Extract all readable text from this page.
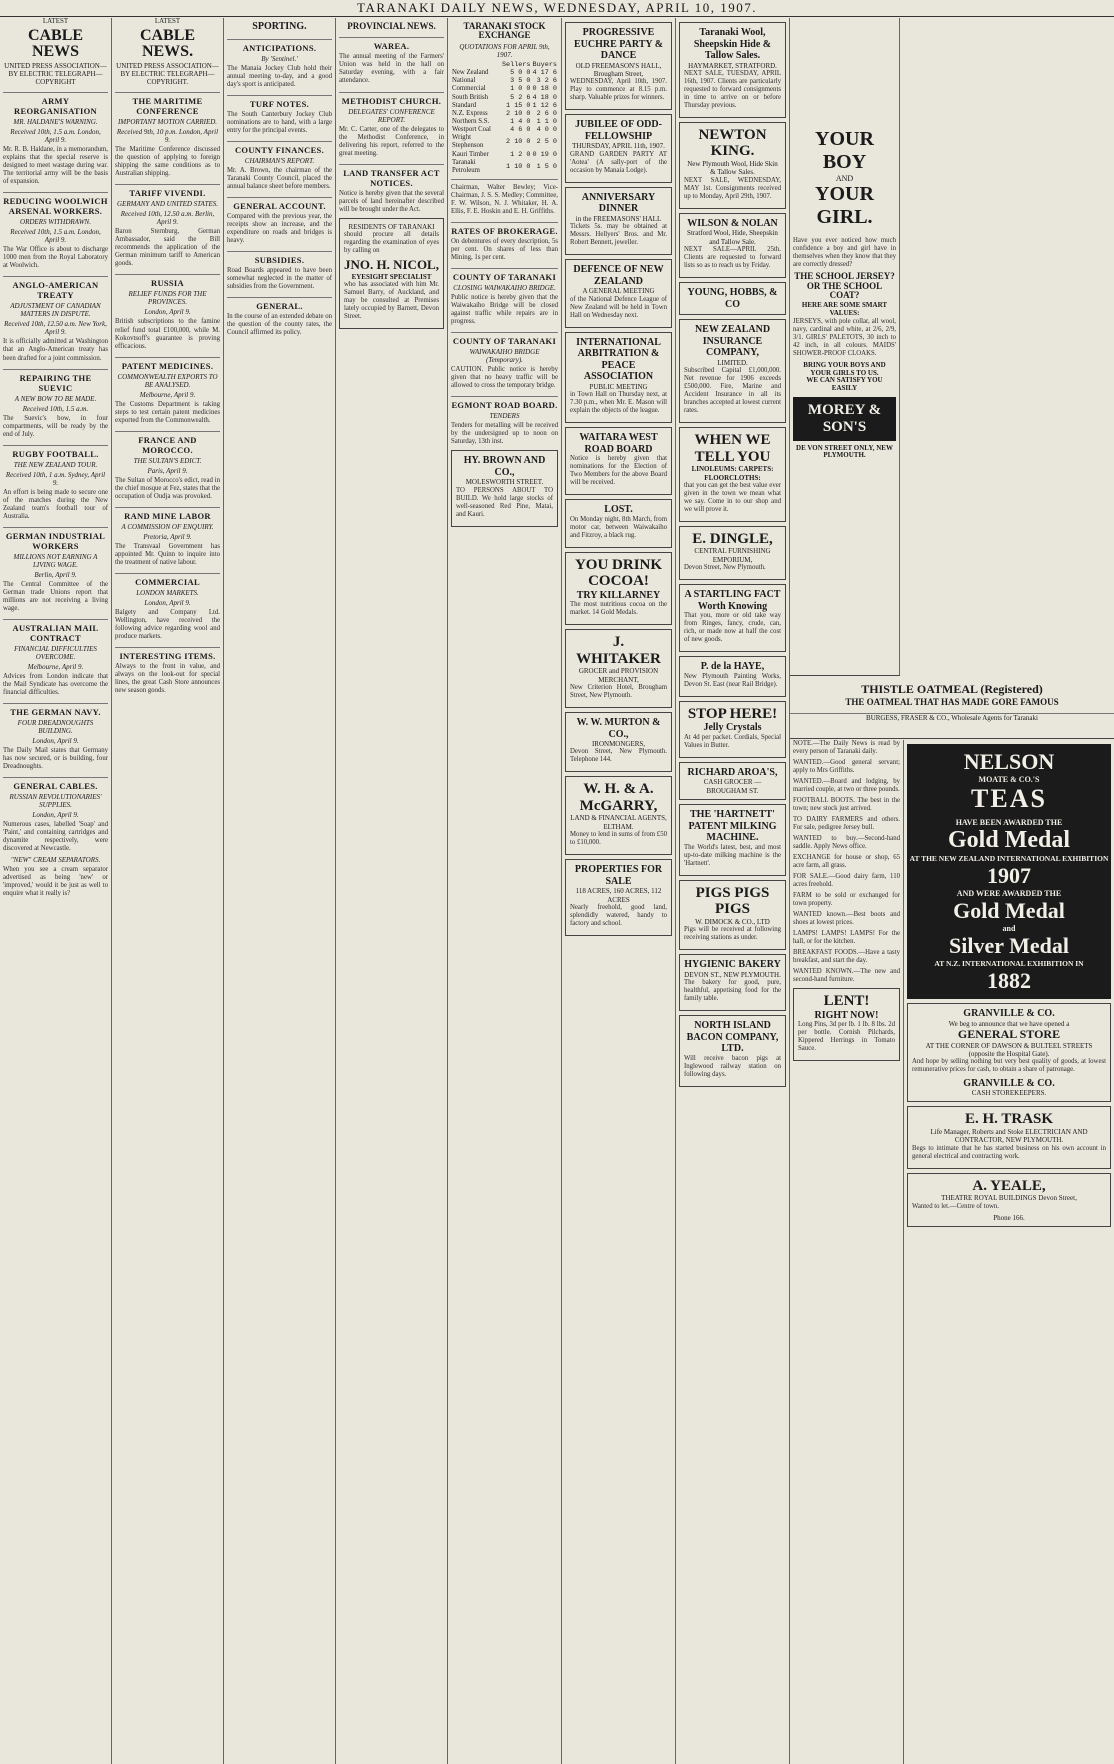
TARANAKI DAILY NEWS, WEDNESDAY, APRIL 10, 1907.
LATEST
CABLE NEWS
UNITED PRESS ASSOCIATION—BY ELECTRIC TELEGRAPH—COPYRIGHT
ARMY REORGANISATION
MR. HALDANE'S WARNING.
Received 10th, 1.5 a.m. London, April 9.

Mr. R. B. Haldane, in a memorandum, explains that the special reserve is designed to meet wastage during war. The territorial army will be the basis of expansion.

REDUCING WOOLWICH ARSENAL WORKERS.
ORDERS WITHDRAWN.
Received 10th, 1.5 a.m. London, April 9.

The War Office is about to discharge 1000 men from the Royal Laboratory at Woolwich.

ANGLO-AMERICAN TREATY
ADJUSTMENT OF CANADIAN MATTERS IN DISPUTE.
Received 10th, 12.50 a.m. New York, April 9.

It is officially admitted at Washington that an Anglo-American treaty has been drafted for a joint commission.

REPAIRING THE SUEVIC
A NEW BOW TO BE MADE.
Received 10th, 1.5 a.m.

The Suevic's bow, in four compartments, will be ready by the end of July.

RUGBY FOOTBALL.
THE NEW ZEALAND TOUR.
Received 10th, 1 a.m. Sydney, April 9.

An effort is being made to secure one of the matches during the New Zealand team's football tour of Australia.

GERMAN INDUSTRIAL WORKERS
MILLIONS NOT EARNING A LIVING WAGE.
Berlin, April 9.

The Central Committee of the German trade Unions report that millions are not receiving a living wage.

AUSTRALIAN MAIL CONTRACT
FINANCIAL DIFFICULTIES OVERCOME.
Melbourne, April 9.

Advices from London indicate that the Mail Syndicate has overcome the financial difficulties.

THE GERMAN NAVY.
FOUR DREADNOUGHTS BUILDING.
London, April 9.

The Daily Mail states that Germany has now secured, or is building, four Dreadnoughts.

GENERAL CABLES.
RUSSIAN REVOLUTIONARIES' SUPPLIES.
London, April 9.

Numerous cases, labelled 'Soap' and 'Paint,' and containing cartridges and dynamite respectively, were discovered at Newcastle.

"NEW" CREAM SEPARATORS.

When you see a cream separator advertised as being 'new' or 'improved,' would it be just as well to enquire what it really is?

LATEST
CABLE NEWS.
UNITED PRESS ASSOCIATION—BY ELECTRIC TELEGRAPH—COPYRIGHT.
THE MARITIME CONFERENCE
IMPORTANT MOTION CARRIED.
Received 9th, 10 p.m. London, April 9.

The Maritime Conference discussed the question of applying to foreign shipping the same conditions as to Australian shipping.

TARIFF VIVENDI.
GERMANY AND UNITED STATES.
Received 10th, 12.50 a.m. Berlin, April 9.

Baron Sternburg, German Ambassador, said the Bill recommends the application of the German minimum tariff to American goods.

RUSSIA
RELIEF FUNDS FOR THE PROVINCES.
London, April 9.

British subscriptions to the famine relief fund total £100,000, while M. Kokovtsoff's guarantee is proving efficacious.

PATENT MEDICINES.
COMMONWEALTH EXPORTS TO BE ANALYSED.
Melbourne, April 9.

The Customs Department is taking steps to test certain patent medicines exported from the Commonwealth.

FRANCE AND MOROCCO.
THE SULTAN'S EDICT.
Paris, April 9.

The Sultan of Morocco's edict, read in the chief mosque at Fez, states that the occupation of Oudja was provoked.

RAND MINE LABOR
A COMMISSION OF ENQUIRY.
Pretoria, April 9.

The Transvaal Government has appointed Mr. Quinn to inquire into the treatment of native labour.

COMMERCIAL
LONDON MARKETS.
London, April 9.

Balgety and Company Ltd. Wellington, have received the following advice regarding wool and produce markets.

INTERESTING ITEMS.

Always to the front in value, and always on the look-out for special lines, the great Cash Store announces new season goods.

SPORTING.
ANTICIPATIONS.
By 'Sentinel.'

The Manaia Jockey Club hold their annual meeting to-day, and a good day's sport is anticipated.

TURF NOTES.

The South Canterbury Jockey Club nominations are to hand, with a large entry for the principal events.

COUNTY FINANCES.
CHAIRMAN'S REPORT.

Mr. A. Brown, the chairman of the Taranaki County Council, placed the annual balance sheet before members.

GENERAL ACCOUNT.

Compared with the previous year, the receipts show an increase, and the expenditure on roads and bridges is heavy.

SUBSIDIES.

Road Boards appeared to have been somewhat neglected in the matter of subsidies from the Government.

GENERAL.

In the course of an extended debate on the question of the county rates, the Council affirmed its policy.

PROVINCIAL NEWS.
WAREA.

The annual meeting of the Farmers' Union was held in the hall on Saturday evening, with a fair attendance.

METHODIST CHURCH.
DELEGATES' CONFERENCE REPORT.

Mr. C. Carter, one of the delegates to the Methodist Conference, in delivering his report, referred to the great meeting.

LAND TRANSFER ACT NOTICES.

Notice is hereby given that the several parcels of land hereinafter described will be brought under the Act.

RESIDENTS OF TARANAKI

should procure all details regarding the examination of eyes by calling on

JNO. H. NICOL,
EYESIGHT SPECIALIST

who has associated with him Mr. Samuel Barry, of Auckland, and may be consulted at Premises lately occupied by Barnett, Devon Street.

TARANAKI STOCK EXCHANGE
QUOTATIONS FOR APRIL 9th, 1907.
	Sellers	Buyers
New Zealand	5 0 0	4 17 6
National	3 5 0	3 2 6
Commercial	1 0 0	0 18 0
South British	5 2 6	4 18 0
Standard	1 15 0	1 12 6
N.Z. Express	2 10 0	2 6 0
Northern S.S.	1 4 0	1 1 0
Westport Coal	4 6 0	4 0 0
Wright Stephenson	2 10 0	2 5 0
Kauri Timber	1 2 0	0 19 0
Taranaki Petroleum	1 10 0	1 5 0

Chairman, Walter Bewley; Vice-Chairman, J. S. S. Medley; Committee, F. W. Wilson, N. J. Whitaker, H. A. Ellis, F. E. Hoskin and E. H. Griffiths.

RATES OF BROKERAGE.

On debentures of every description, 5s per cent. On shares of less than Mining, 1s per cent.

COUNTY OF TARANAKI
CLOSING WAIWAKAIHO BRIDGE.

Public notice is hereby given that the Waiwakaiho Bridge will be closed against traffic while repairs are in progress.

COUNTY OF TARANAKI
WAIWAKAIHO BRIDGE (Temporary).

CAUTION. Public notice is hereby given that no heavy traffic will be allowed to cross the temporary bridge.

EGMONT ROAD BOARD.
TENDERS

Tenders for metalling will be received by the undersigned up to noon on Saturday, 13th inst.

HY. BROWN AND CO.,
MOLESWORTH STREET.

TO PERSONS ABOUT TO BUILD. We hold large stocks of well-seasoned Red Pine, Matai, and Kauri.

PROGRESSIVE EUCHRE PARTY & DANCE
OLD FREEMASON'S HALL, Brougham Street,

WEDNESDAY, April 10th, 1907. Play to commence at 8.15 p.m. sharp. Valuable prizes for winners.

JUBILEE OF ODD-FELLOWSHIP
THURSDAY, APRIL 11th, 1907.

GRAND GARDEN PARTY AT 'Aotea' (A sally-port of the occasion by Manaia Lodge).

ANNIVERSARY DINNER
in the FREEMASONS' HALL

Tickets 5s. may be obtained at Messrs. Hellyers' Bros. and Mr. Robert Bennett, jeweller.

DEFENCE OF NEW ZEALAND
A GENERAL MEETING

of the National Defence League of New Zealand will be held in Town Hall on Wednesday next.

INTERNATIONAL ARBITRATION & PEACE ASSOCIATION
PUBLIC MEETING

in Town Hall on Thursday next, at 7.30 p.m., when Mr. E. Mason will explain the objects of the league.

WAITARA WEST ROAD BOARD

Notice is hereby given that nominations for the Election of Two Members for the above Board will be received.

LOST.

On Monday night, 8th March, from motor car, between Waiwakaiho and Fitzroy, a black rug.

YOU DRINK COCOA!
TRY KILLARNEY

The most nutritious cocoa on the market. 14 Gold Medals.

J. WHITAKER
GROCER and PROVISION MERCHANT,

New Criterion Hotel, Brougham Street, New Plymouth.

W. W. MURTON & CO.,
IRONMONGERS,

Devon Street, New Plymouth. Telephone 144.

W. H. & A. McGARRY,
LAND & FINANCIAL AGENTS, ELTHAM.

Money to lend in sums of from £50 to £10,000.

PROPERTIES FOR SALE
118 ACRES, 160 ACRES, 112 ACRES

Nearly freehold, good land, splendidly watered, handy to factory and school.

Taranaki Wool, Sheepskin Hide & Tallow Sales.
HAYMARKET, STRATFORD.

NEXT SALE, TUESDAY, APRIL 16th, 1907. Clients are particularly requested to forward consignments in time to arrive on or before Thursday previous.

NEWTON KING.
New Plymouth Wool, Hide Skin & Tallow Sales.

NEXT SALE, WEDNESDAY, MAY 1st. Consignments received up to Monday, April 29th, 1907.

WILSON & NOLAN
Stratford Wool, Hide, Sheepskin and Tallow Sale.

NEXT SALE—APRIL 25th. Clients are requested to forward lists so as to reach us by Friday.

YOUNG, HOBBS, & CO
NEW ZEALAND INSURANCE COMPANY,
LIMITED.

Subscribed Capital £1,000,000. Net revenue for 1906 exceeds £500,000. Fire, Marine and Accident Insurance in all its branches accepted at lowest current rates.

WHEN WE TELL YOU
LINOLEUMS: CARPETS: FLOORCLOTHS:

that you can get the best value ever given in the town we mean what we say. Come in to our shop and we will prove it.

E. DINGLE,
CENTRAL FURNISHING EMPORIUM,

Devon Street, New Plymouth.

A STARTLING FACT Worth Knowing

That you, more or old take way from Ringes, fancy, crude, can, rich, or made now at half the cost of new goods.

P. de la HAYE,

New Plymouth Painting Works, Devon St. East (near Rail Bridge).

STOP HERE!
Jelly Crystals

At 4d per packet. Cordials, Special Values in Butter.

RICHARD AROA'S,
CASH GROCER — BROUGHAM ST.
THE 'HARTNETT' PATENT MILKING MACHINE.

The World's latest, best, and most up-to-date milking machine is the 'Hartnett'.

PIGS PIGS PIGS
W. DIMOCK & CO., LTD

Pigs will be received at following receiving stations as under.

HYGIENIC BAKERY
DEVON ST., NEW PLYMOUTH.

The bakery for good, pure, healthful, appetising food for the family table.

NORTH ISLAND BACON COMPANY, LTD.

Will receive bacon pigs at Inglewood railway station on following days.

YOUR
BOY
AND
YOUR
GIRL.

Have you ever noticed how much confidence a boy and girl have in themselves when they know that they are correctly dressed?

THE SCHOOL JERSEY? OR THE SCHOOL COAT?
HERE ARE SOME SMART VALUES:

JERSEYS, with pole collar, all wool, navy, cardinal and white, at 2/6, 2/9, 3/1. GIRLS' PALETOTS, 30 inch to 42 inch, in all colours. MAIDS' SHOWER-PROOF CLOAKS.

BRING YOUR BOYS AND YOUR GIRLS TO US.
WE CAN SATISFY YOU EASILY
MOREY & SON'S
DE VON STREET ONLY, NEW PLYMOUTH.
THISTLE OATMEAL (Registered)
THE OATMEAL THAT HAS MADE GORE FAMOUS
BURGESS, FRASER & CO., Wholesale Agents for Taranaki

NOTE.—The Daily News is read by every person of Taranaki daily.

WANTED.—Good general servant; apply to Mrs Griffiths.

WANTED.—Board and lodging, by married couple, at two or three pounds.

FOOTBALL BOOTS. The best in the town; new stock just arrived.

TO DAIRY FARMERS and others. For sale, pedigree Jersey bull.

WANTED to buy.—Second-hand saddle. Apply News office.

EXCHANGE for house or shop, 65 acre farm, all grass.

FOR SALE.—Good dairy farm, 110 acres freehold.

FARM to be sold or exchanged for town property.

WANTED known.—Best boots and shoes at lowest prices.

LAMPS! LAMPS! LAMPS! For the hall, or for the kitchen.

BREAKFAST FOODS.—Have a tasty breakfast, and start the day.

WANTED KNOWN.—The new and second-hand furniture.

LENT!
RIGHT NOW!

Long Pins, 3d per lb. 1 lb. 8 lbs. 2d per bottle. Cornish Pilchards, Kippered Herrings in Tomato Sauce.

NELSON
MOATE & CO.'S
TEAS
HAVE BEEN AWARDED THE
Gold Medal
AT THE NEW ZEALAND INTERNATIONAL EXHIBITION
1907
AND WERE AWARDED THE
Gold Medal
and
Silver Medal
AT N.Z. INTERNATIONAL EXHIBITION IN
1882
GRANVILLE & CO.
We beg to announce that we have opened a
GENERAL STORE
AT THE CORNER OF DAWSON & BULTEEL STREETS (opposite the Hospital Gate).

And hope by selling nothing but very best quality of goods, at lowest remunerative prices for cash, to obtain a share of patronage.

GRANVILLE & CO.
CASH STOREKEEPERS.
E. H. TRASK
Life Manager, Roberts and Stoke ELECTRICIAN AND CONTRACTOR, NEW PLYMOUTH.

Begs to intimate that he has started business on his own account in general electrical and contracting work.

A. YEALE,
THEATRE ROYAL BUILDINGS Devon Street,

Wanted to let.—Centre of town.

Phone 166.
